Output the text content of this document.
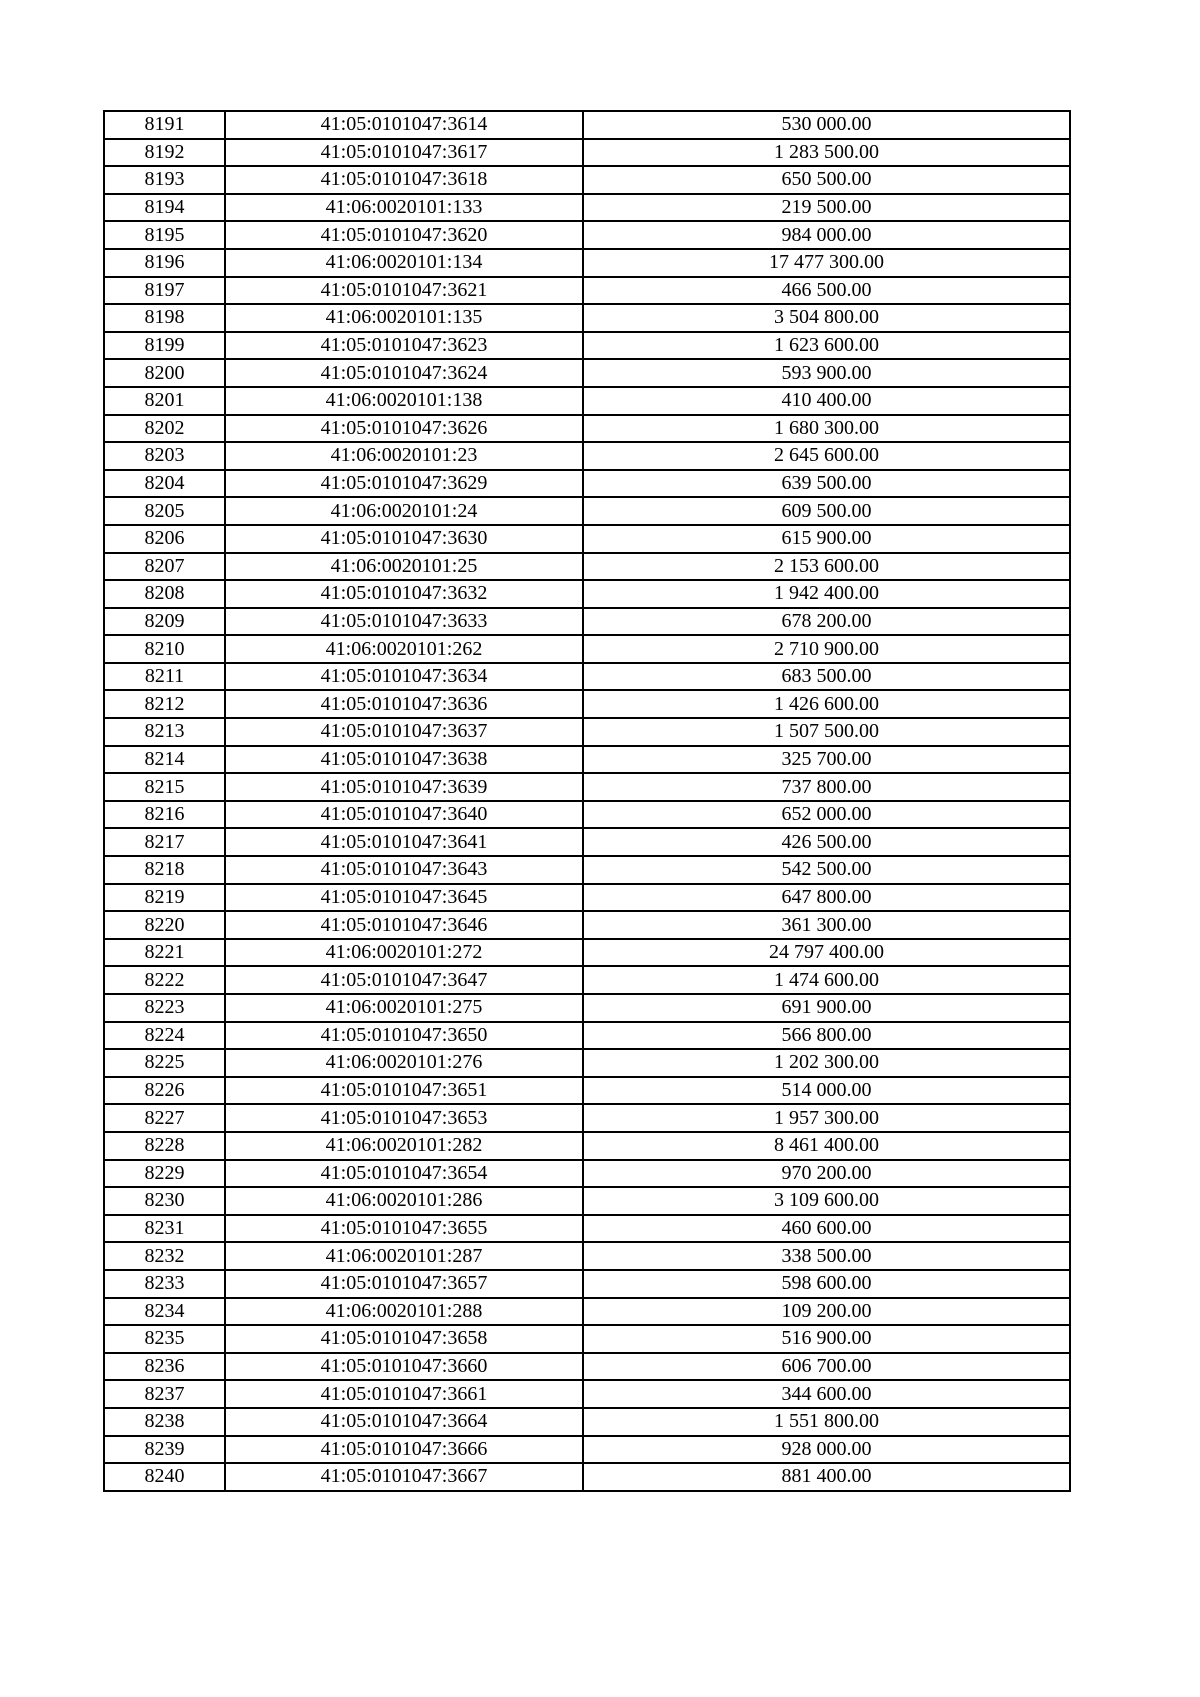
8191	41:05:0101047:3614	530 000.00
8192	41:05:0101047:3617	1 283 500.00
8193	41:05:0101047:3618	650 500.00
8194	41:06:0020101:133	219 500.00
8195	41:05:0101047:3620	984 000.00
8196	41:06:0020101:134	17 477 300.00
8197	41:05:0101047:3621	466 500.00
8198	41:06:0020101:135	3 504 800.00
8199	41:05:0101047:3623	1 623 600.00
8200	41:05:0101047:3624	593 900.00
8201	41:06:0020101:138	410 400.00
8202	41:05:0101047:3626	1 680 300.00
8203	41:06:0020101:23	2 645 600.00
8204	41:05:0101047:3629	639 500.00
8205	41:06:0020101:24	609 500.00
8206	41:05:0101047:3630	615 900.00
8207	41:06:0020101:25	2 153 600.00
8208	41:05:0101047:3632	1 942 400.00
8209	41:05:0101047:3633	678 200.00
8210	41:06:0020101:262	2 710 900.00
8211	41:05:0101047:3634	683 500.00
8212	41:05:0101047:3636	1 426 600.00
8213	41:05:0101047:3637	1 507 500.00
8214	41:05:0101047:3638	325 700.00
8215	41:05:0101047:3639	737 800.00
8216	41:05:0101047:3640	652 000.00
8217	41:05:0101047:3641	426 500.00
8218	41:05:0101047:3643	542 500.00
8219	41:05:0101047:3645	647 800.00
8220	41:05:0101047:3646	361 300.00
8221	41:06:0020101:272	24 797 400.00
8222	41:05:0101047:3647	1 474 600.00
8223	41:06:0020101:275	691 900.00
8224	41:05:0101047:3650	566 800.00
8225	41:06:0020101:276	1 202 300.00
8226	41:05:0101047:3651	514 000.00
8227	41:05:0101047:3653	1 957 300.00
8228	41:06:0020101:282	8 461 400.00
8229	41:05:0101047:3654	970 200.00
8230	41:06:0020101:286	3 109 600.00
8231	41:05:0101047:3655	460 600.00
8232	41:06:0020101:287	338 500.00
8233	41:05:0101047:3657	598 600.00
8234	41:06:0020101:288	109 200.00
8235	41:05:0101047:3658	516 900.00
8236	41:05:0101047:3660	606 700.00
8237	41:05:0101047:3661	344 600.00
8238	41:05:0101047:3664	1 551 800.00
8239	41:05:0101047:3666	928 000.00
8240	41:05:0101047:3667	881 400.00
